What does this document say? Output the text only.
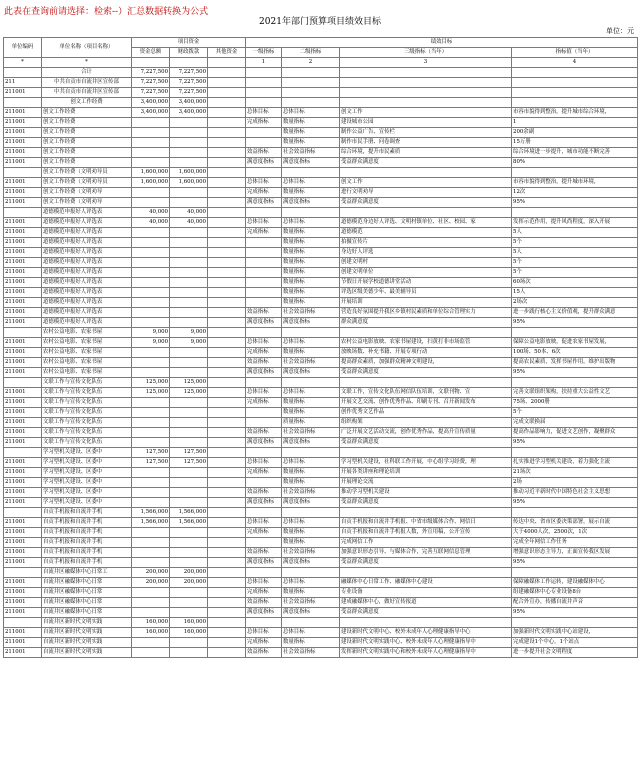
此表在查询前请选择：检索--）汇总数据转换为公式
2021年部门预算项目绩效目标
单位：元
单位编码	单位名称（项目名称）	项目资金			绩效目标			
		资金总额	财政拨款	其他资金	一级指标	二级指标	三级指标（当年）	指标值（当年）
*	*				1	2	3	4
	合计	7,227,500	7,227,500					
211	中共自贡市自流井区宣传部	7,227,500	7,227,500					
211001	中共自贡市自流井区宣传部	7,227,500	7,227,500					
	创文工作经费	3,400,000	3,400,000					
211001	创文工作经费	3,400,000	3,400,000		总体目标	总体目标	创文工作	市容市貌得到整治，提升城市综合环境，
211001	创文工作经费				完成指标	数量指标	建设城市公园	1
211001	创文工作经费					数量指标	制作公益广告、宣传栏	200余副
211001	创文工作经费					数量指标	制作市民手册、问卷调查	15万册
211001	创文工作经费				效益指标	社会效益指标	综合环境，提升市民素质	综合环境进一步提升，城市功能不断完善
211001	创文工作经费				满意度指标	满意度指标	受益群众满意度	80%
	创文工作经费（文明劝导员	1,600,000	1,600,000					
211001	创文工作经费（文明劝导员	1,600,000	1,600,000		总体目标	总体目标	创文工作	市容市貌得到整治，提升城市环境，
211001	创文工作经费（文明劝导				完成指标	数量指标	进行文明劝导	12次
211001	创文工作经费（文明劝导				满意度指标	满意度指标	受益群众满意度	95%
	道德模范申报好人评选表	40,000	40,000					
211001	道德模范申报好人评选表	40,000	40,000		总体目标	总体目标	道德模范身边好人评选、文明村镇单位、社区、校园、家	发挥示范作用，提升风尚程度，深入开展
211001	道德模范申报好人评选表				完成指标	数量指标	道德模范	5人
211001	道德模范申报好人评选表					数量指标	拍摄宣传片	5个
211001	道德模范申报好人评选表					数量指标	身边好人评选	5人
211001	道德模范申报好人评选表					数量指标	创建文明村	5个
211001	道德模范申报好人评选表					数量指标	创建文明单位	5个
211001	道德模范申报好人评选表					数量指标	节假日开展学校道德讲堂活动	60场次
211001	道德模范申报好人评选表					数量指标	评选区级美德少年、最美辅导员	15人
211001	道德模范申报好人评选表					数量指标	开展培训	2场次
211001	道德模范申报好人评选表				效益指标	社会效益指标	营造良好氛围提升我区乡镇村民素质和单位综合管理实力	进一步践行核心主义价值观，提升群众满意
211001	道德模范申报好人评选表				满意度指标	满意度指标	群众满意度	95%
	农村公益电影、农家书屋	9,000	9,000					
211001	农村公益电影、农家书屋	9,000	9,000		总体目标	总体目标	农村公益电影放映、农家书屋建设，扫黄打非市场监管	保障公益电影放映，促进农家书屋发展，
211001	农村公益电影、农家书屋				完成指标	数量指标	放映场数、补充书籍、开展专项行动	100场、50本、6次
211001	农村公益电影、农家书屋				效益指标	社会效益指标	提高群众素质，加强群众精神文明建设，	提高农民素质，发挥书屋作用，维护出版物
211001	农村公益电影、农家书屋				满意度指标	满意度指标	受益群众满意度	95%
	文联工作与宣传文化队伍	125,000	125,000					
211001	文联工作与宣传文化队伍	125,000	125,000		总体目标	总体目标	文联工作，宣传文化队伍网信队伍培训，文联刊物、宣	完善文联组织架构，扶持重大公益性文艺
211001	文联工作与宣传文化队伍				完成指标	数量指标	开展文艺交流、创作优秀作品、印刷专刊、召开新闻发布	75场、2000册
211001	文联工作与宣传文化队伍					数量指标	创作优秀文艺作品	5个
211001	文联工作与宣传文化队伍					质量指标	组织构架	完成文联换届
211001	文联工作与宣传文化队伍				效益指标	社会效益指标	广泛开展文艺活动交流，创作优秀作品，提高升宣传质量	提高作品影响力，促进文艺创作，凝聚群众
211001	文联工作与宣传文化队伍				满意度指标	满意度指标	受益群众满意度	95%
	学习型机关建设、区委中	127,500	127,500					
211001	学习型机关建设、区委中	127,500	127,500		总体目标	总体目标	学习型机关建设，社科联工作开展，中心组学习经费，理	扎实推进学习型机关建设，着力强化主流
211001	学习型机关建设、区委中				完成指标	数量指标	开展各类讲座和理论培训	21场次
211001	学习型机关建设、区委中					数量指标	开展理论交流	2场
211001	学习型机关建设、区委中				效益指标	社会效益指标	推动学习型机关建设	推动习近平新时代中国特色社会主义思想
211001	学习型机关建设、区委中				满意度指标	满意度指标	受益群众满意度	95%
	自贡手机报和自流井手机	1,566,000	1,566,000					
211001	自贡手机报和自流井手机	1,566,000	1,566,000		总体目标	总体目标	自贡手机报和自流井手机报、中省市级媒体合作、网信日	传达中央、省市区委决策部署，展示自流
211001	自贡手机报和自流井手机				完成指标	数量指标	自贡手机报和自流井手机报人数，外宣用稿，公开宣传	大于4000人次，2500次，1次
211001	自贡手机报和自流井手机					数量指标	完成网信工作	完成全年网信工作任务
211001	自贡手机报和自流井手机				效益指标	社会效益指标	加强意识形态引导、与媒体合作，完善互联网信息管理	增强意识形态主导力，正面宣传我区发展
211001	自贡手机报和自流井手机				满意度指标	满意度指标	受益群众满意度	95%
	自流井区融媒体中心日常工	200,000	200,000					
211001	自流井区融媒体中心日常	200,000	200,000		总体目标	总体目标	融媒体中心日常工作、融媒体中心建设	保障融媒体工作运转，建设融媒体中心
211001	自流井区融媒体中心日常				完成指标	数量指标	专业设备	组建融媒体中心专业设备8台
211001	自流井区融媒体中心日常				效益指标	社会效益指标	建成融媒体中心，做好宣传报道	配合外宣办，传播自流井声音
211001	自流井区融媒体中心日常				满意度指标	满意度指标	受益群众满意度	95%
	自流井区新时代文明实践	160,000	160,000					
211001	自流井区新时代文明实践	160,000	160,000		总体目标	总体目标	建设新时代文明中心、校外未成年人心理健康指导中心	加强新时代文明实践中心站建设，
211001	自流井区新时代文明实践				完成指标	数量指标	建设新时代文明实践中心、校外未成年人心理健康指导中	完成建设1个中心，1个站点
211001	自流井区新时代文明实践				效益指标	社会效益指标	发挥新时代文明实践中心和校外未成年人心理健康指导中	进一步提升社会文明程度
